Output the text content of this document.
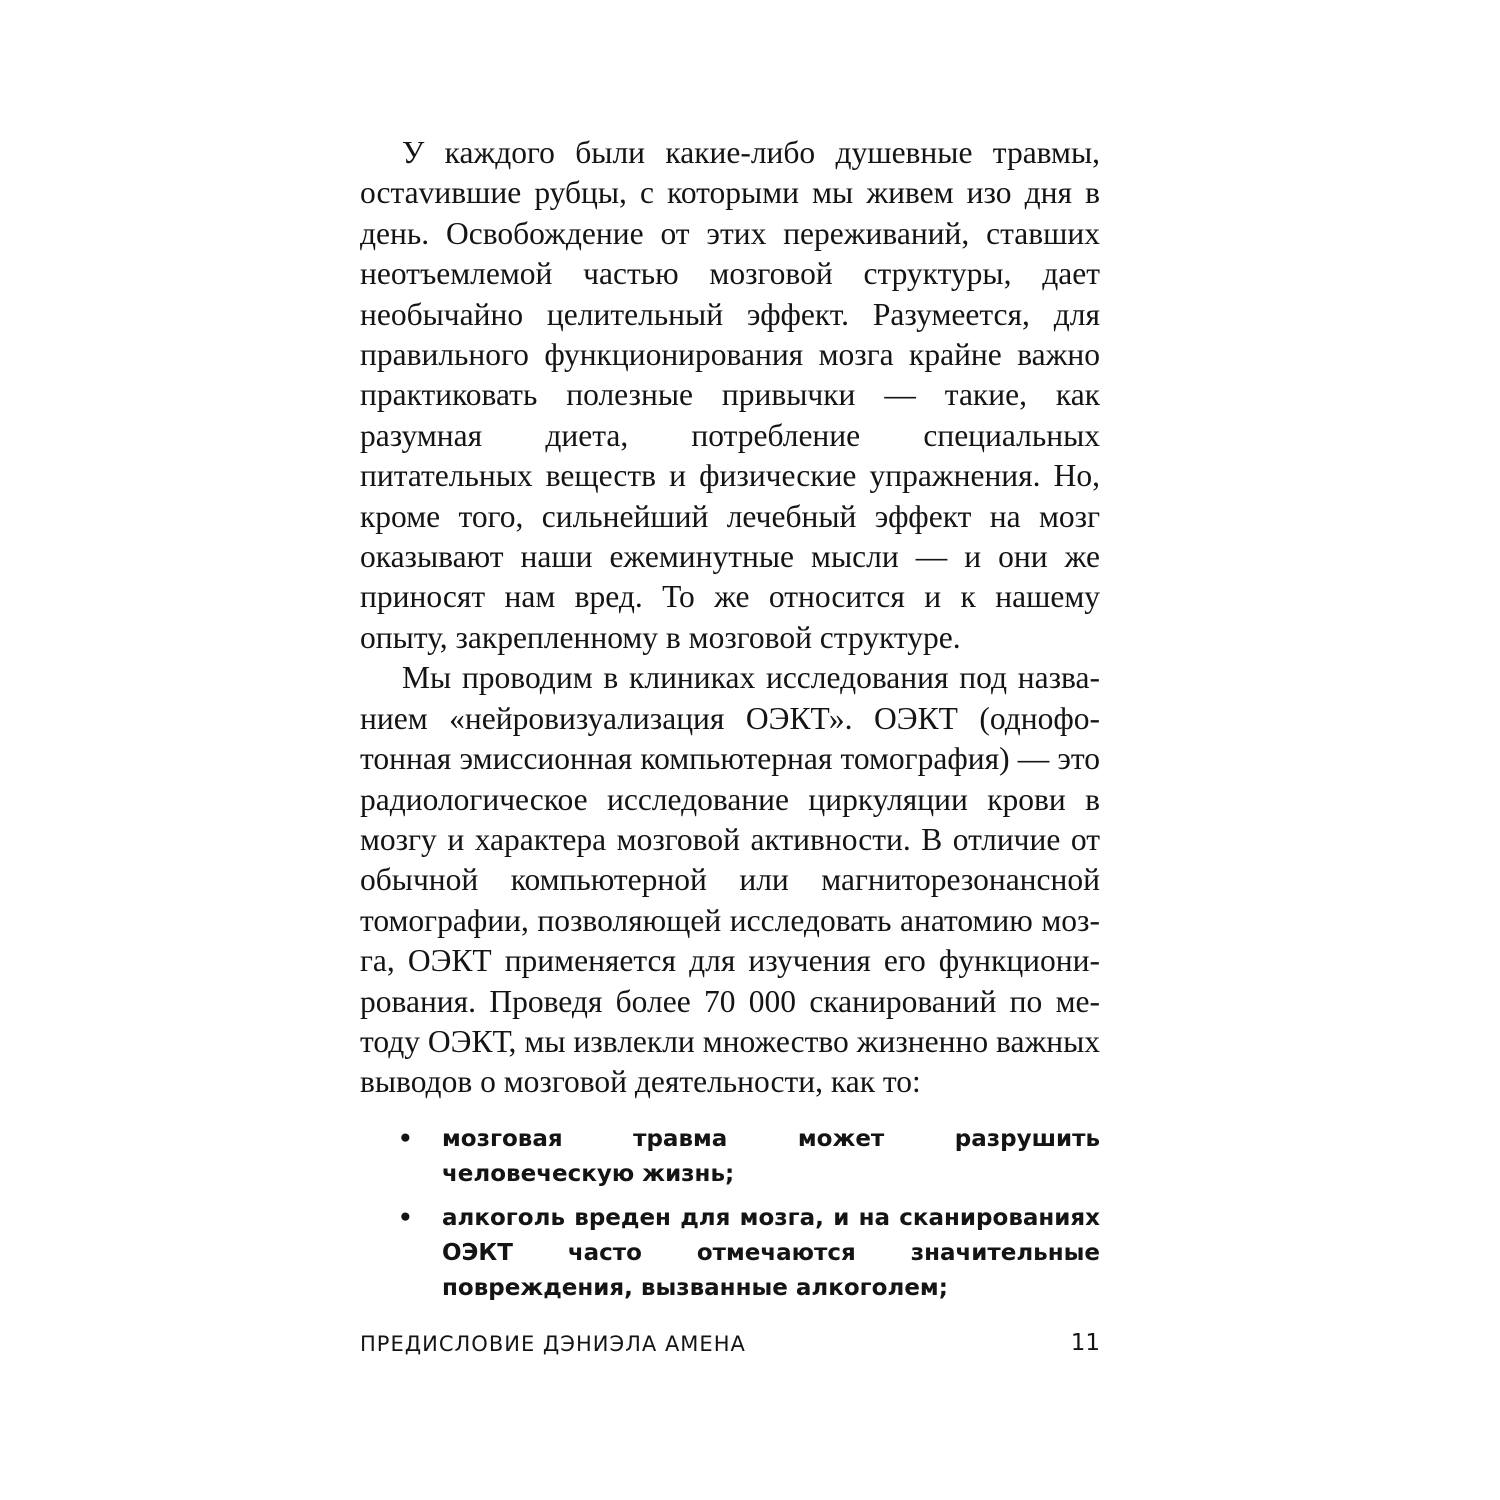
У каждого были какие-либо душевные травмы, остаvившие рубцы, с которыми мы живем изо дня в день. Освобождение от этих переживаний, ставших неотъемлемой частью мозговой структуры, дает необычайно целительный эффект. Разумеется, для правильного функционирования мозга крайне важно практиковать полезные привычки — такие, как разумная диета, потребление специальных питательных веществ и физические упражнения. Но, кроме того, сильнейший лечебный эффект на мозг оказывают наши ежеминутные мысли — и они же приносят нам вред. То же относится и к нашему опыту, закрепленному в мозговой структуре.

Мы проводим в клиниках исследования под названием «нейровизуализация ОЭКТ». ОЭКТ (однофотонная эмиссионная компьютерная томография) — это радиологическое исследование циркуляции крови в мозгу и характера мозговой активности. В отличие от обычной компьютерной или магниторезонансной томографии, позволяющей исследовать анатомию мозга, ОЭКТ применяется для изучения его функционирования. Проведя более 70 000 сканирований по методу ОЭКТ, мы извлекли множество жизненно важных выводов о мозговой деятельности, как то:

• мозговая травма может разрушить человеческую жизнь;
• алкоголь вреден для мозга, и на сканированиях ОЭКТ часто отмечаются значительные повреждения, вызванные алкоголем;
ПРЕДИСЛОВИЕ ДЭНИЭЛА АМЕНА	11
